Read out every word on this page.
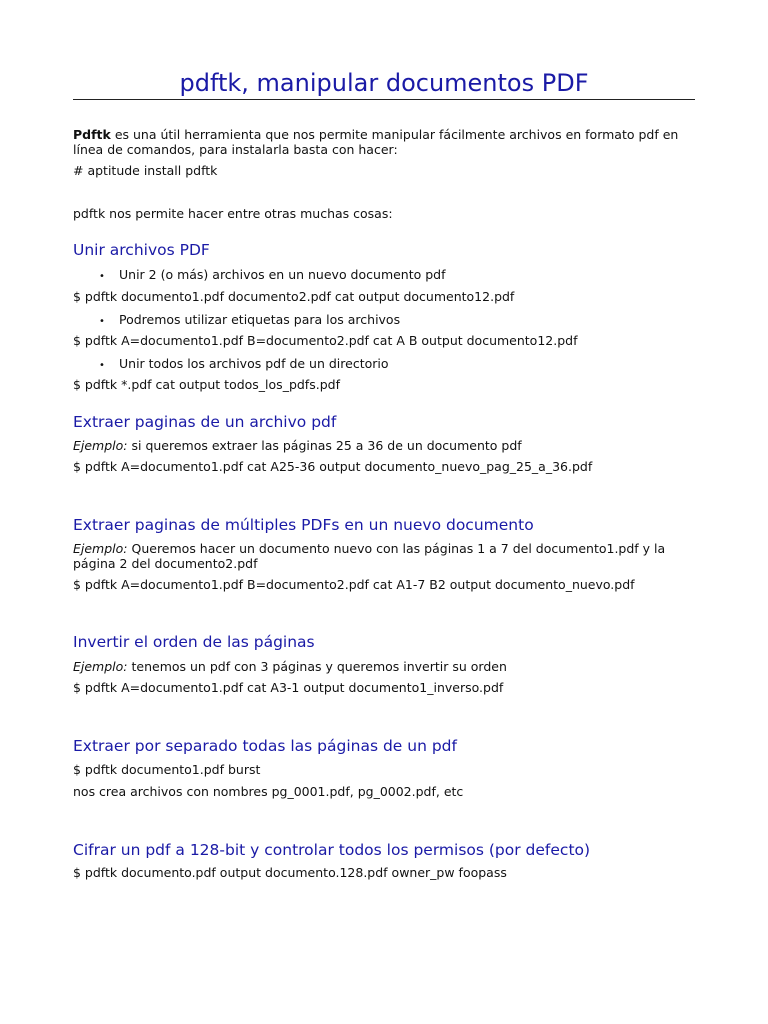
pdftk, manipular documentos PDF
Pdftk es una útil herramienta que nos permite manipular fácilmente archivos en formato pdf en línea de comandos, para instalarla basta con hacer:
# aptitude install pdftk
pdftk nos permite hacer entre otras muchas cosas:
Unir archivos PDF
• Unir 2 (o más) archivos en un nuevo documento pdf
$ pdftk documento1.pdf documento2.pdf cat output documento12.pdf
• Podremos utilizar etiquetas para los archivos
$ pdftk A=documento1.pdf B=documento2.pdf cat A B output documento12.pdf
• Unir todos los archivos pdf de un directorio
$ pdftk *.pdf cat output todos_los_pdfs.pdf
Extraer paginas de un archivo pdf
Ejemplo: si queremos extraer las páginas 25 a 36 de un documento pdf
$ pdftk A=documento1.pdf cat A25-36 output documento_nuevo_pag_25_a_36.pdf
Extraer paginas de múltiples PDFs en un nuevo documento
Ejemplo: Queremos hacer un documento nuevo con las páginas 1 a 7 del documento1.pdf y la
página 2 del documento2.pdf
$ pdftk A=documento1.pdf B=documento2.pdf cat A1-7 B2 output documento_nuevo.pdf
Invertir el orden de las páginas
Ejemplo: tenemos un pdf con 3 páginas y queremos invertir su orden
$ pdftk A=documento1.pdf cat A3-1 output documento1_inverso.pdf
Extraer por separado todas las páginas de un pdf
$ pdftk documento1.pdf burst
nos crea archivos con nombres pg_0001.pdf, pg_0002.pdf, etc
Cifrar un pdf a 128-bit y controlar todos los permisos (por defecto)
$ pdftk documento.pdf output documento.128.pdf owner_pw foopass
